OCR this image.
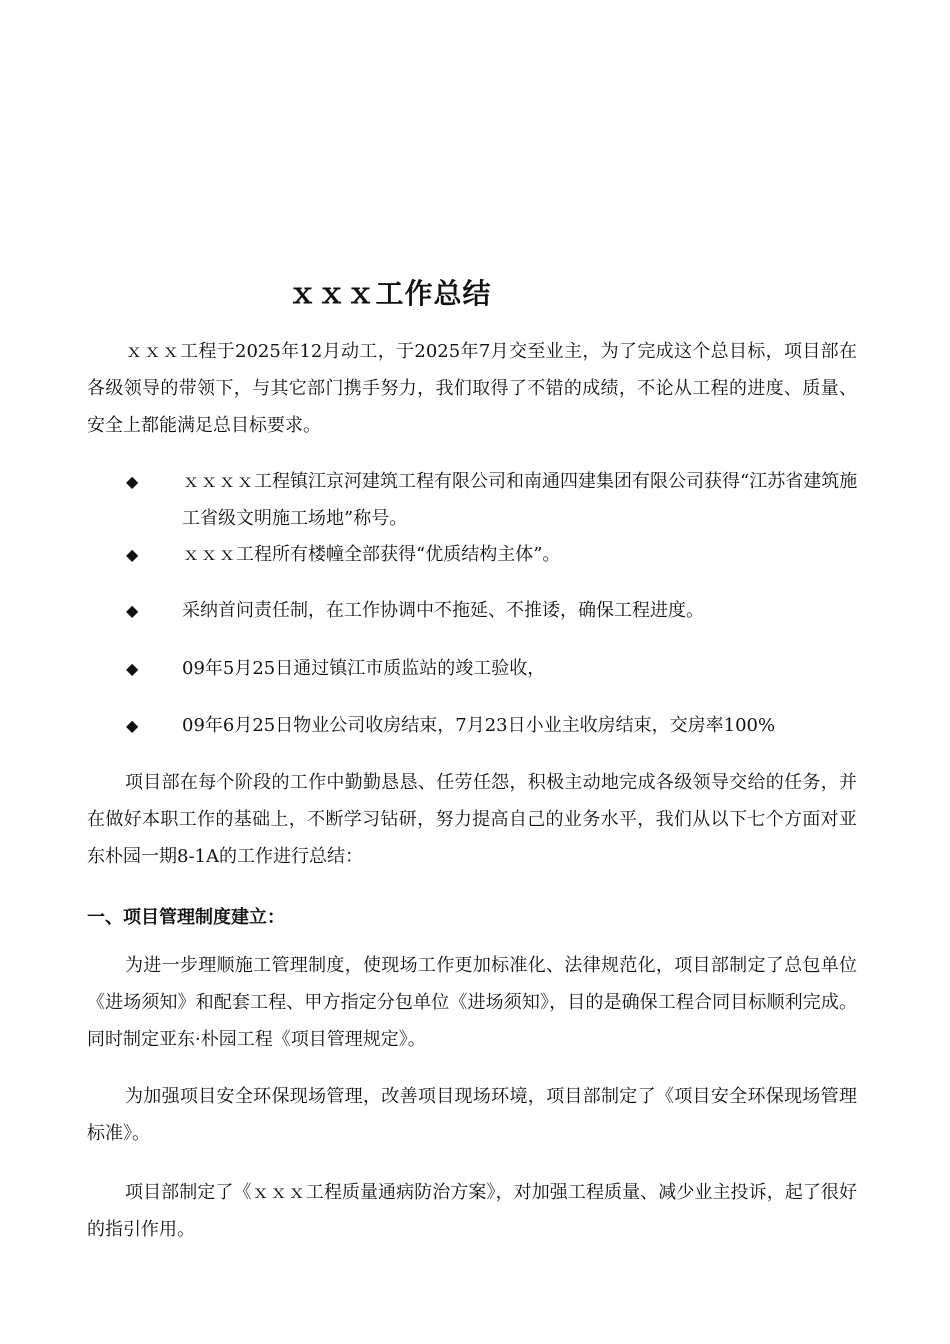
ｘｘｘ工作总结
ｘｘｘ工程于2025年12月动工，于2025年7月交至业主，为了完成这个总目标，项目部在各级领导的带领下，与其它部门携手努力，我们取得了不错的成绩，不论从工程的进度、质量、安全上都能满足总目标要求。
◆ ｘｘｘｘ工程镇江京河建筑工程有限公司和南通四建集团有限公司获得“江苏省建筑施工省级文明施工场地”称号。
◆ ｘｘｘ工程所有楼幢全部获得“优质结构主体”。
◆ 采纳首问责任制，在工作协调中不拖延、不推诿，确保工程进度。
◆ 09年5月25日通过镇江市质监站的竣工验收，
◆ 09年6月25日物业公司收房结束，7月23日小业主收房结束，交房率100%
项目部在每个阶段的工作中勤勤恳恳、任劳任怨，积极主动地完成各级领导交给的任务，并在做好本职工作的基础上，不断学习钻研，努力提高自己的业务水平，我们从以下七个方面对亚东朴园一期8-1A的工作进行总结：
一、项目管理制度建立：
为进一步理顺施工管理制度，使现场工作更加标准化、法律规范化，项目部制定了总包单位《进场须知》和配套工程、甲方指定分包单位《进场须知》，目的是确保工程合同目标顺利完成。同时制定亚东·朴园工程《项目管理规定》。
为加强项目安全环保现场管理，改善项目现场环境，项目部制定了《项目安全环保现场管理标准》。
项目部制定了《ｘｘｘ工程质量通病防治方案》，对加强工程质量、减少业主投诉，起了很好的指引作用。
